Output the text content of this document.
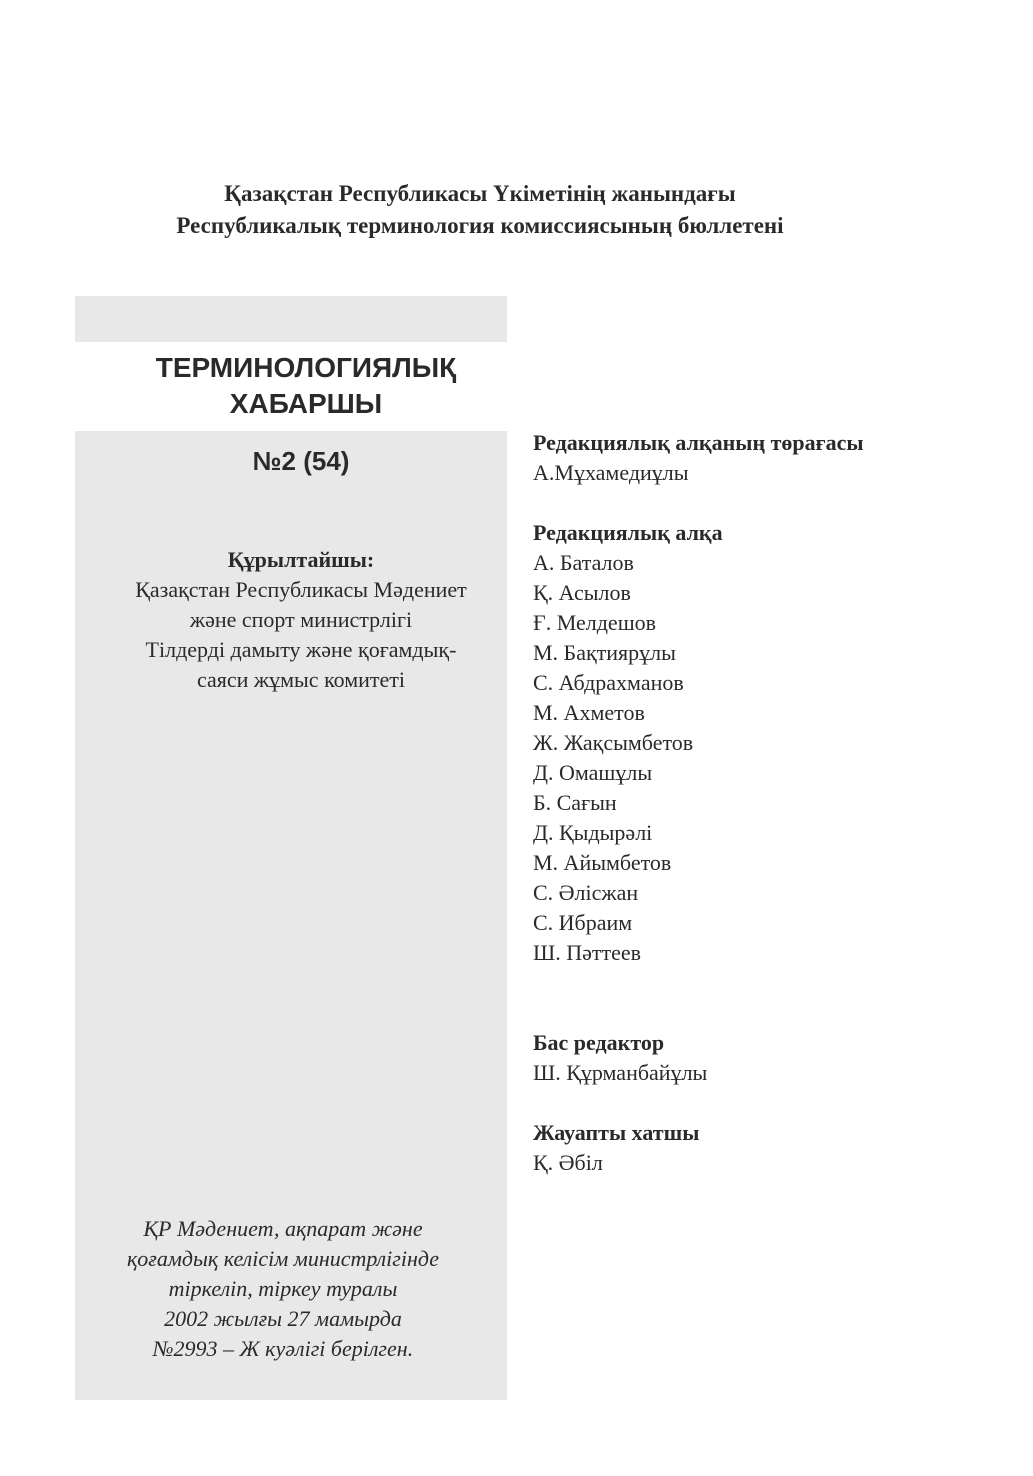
Қазақстан Республикасы Үкіметінің жанындағы
Республикалық терминология комиссиясының бюллетені
ТЕРМИНОЛОГИЯЛЫҚ
ХАБАРШЫ
№2 (54)
Құрылтайшы:
Қазақстан Республикасы Мәдениет
және спорт министрлігі
Тілдерді дамыту және қоғамдық-
саяси жұмыс комитеті
ҚР Мәдениет, ақпарат және
қоғамдық келісім министрлігінде
тіркеліп, тіркеу туралы
2002 жылғы 27 мамырда
№2993 – Ж куәлігі берілген.
Редакциялық алқаның төрағасы
А.Мұхамедиұлы
Редакциялық алқа
А. Баталов
Қ. Асылов
Ғ. Мелдешов
М. Бақтиярұлы
С. Абдрахманов
М. Ахметов
Ж. Жақсымбетов
Д. Омашұлы
Б. Сағын
Д. Қыдырәлі
М. Айымбетов
С. Әлісжан
С. Ибраим
Ш. Пәттеев
Бас редактор
Ш. Құрманбайұлы
Жауапты хатшы
Қ. Әбіл
